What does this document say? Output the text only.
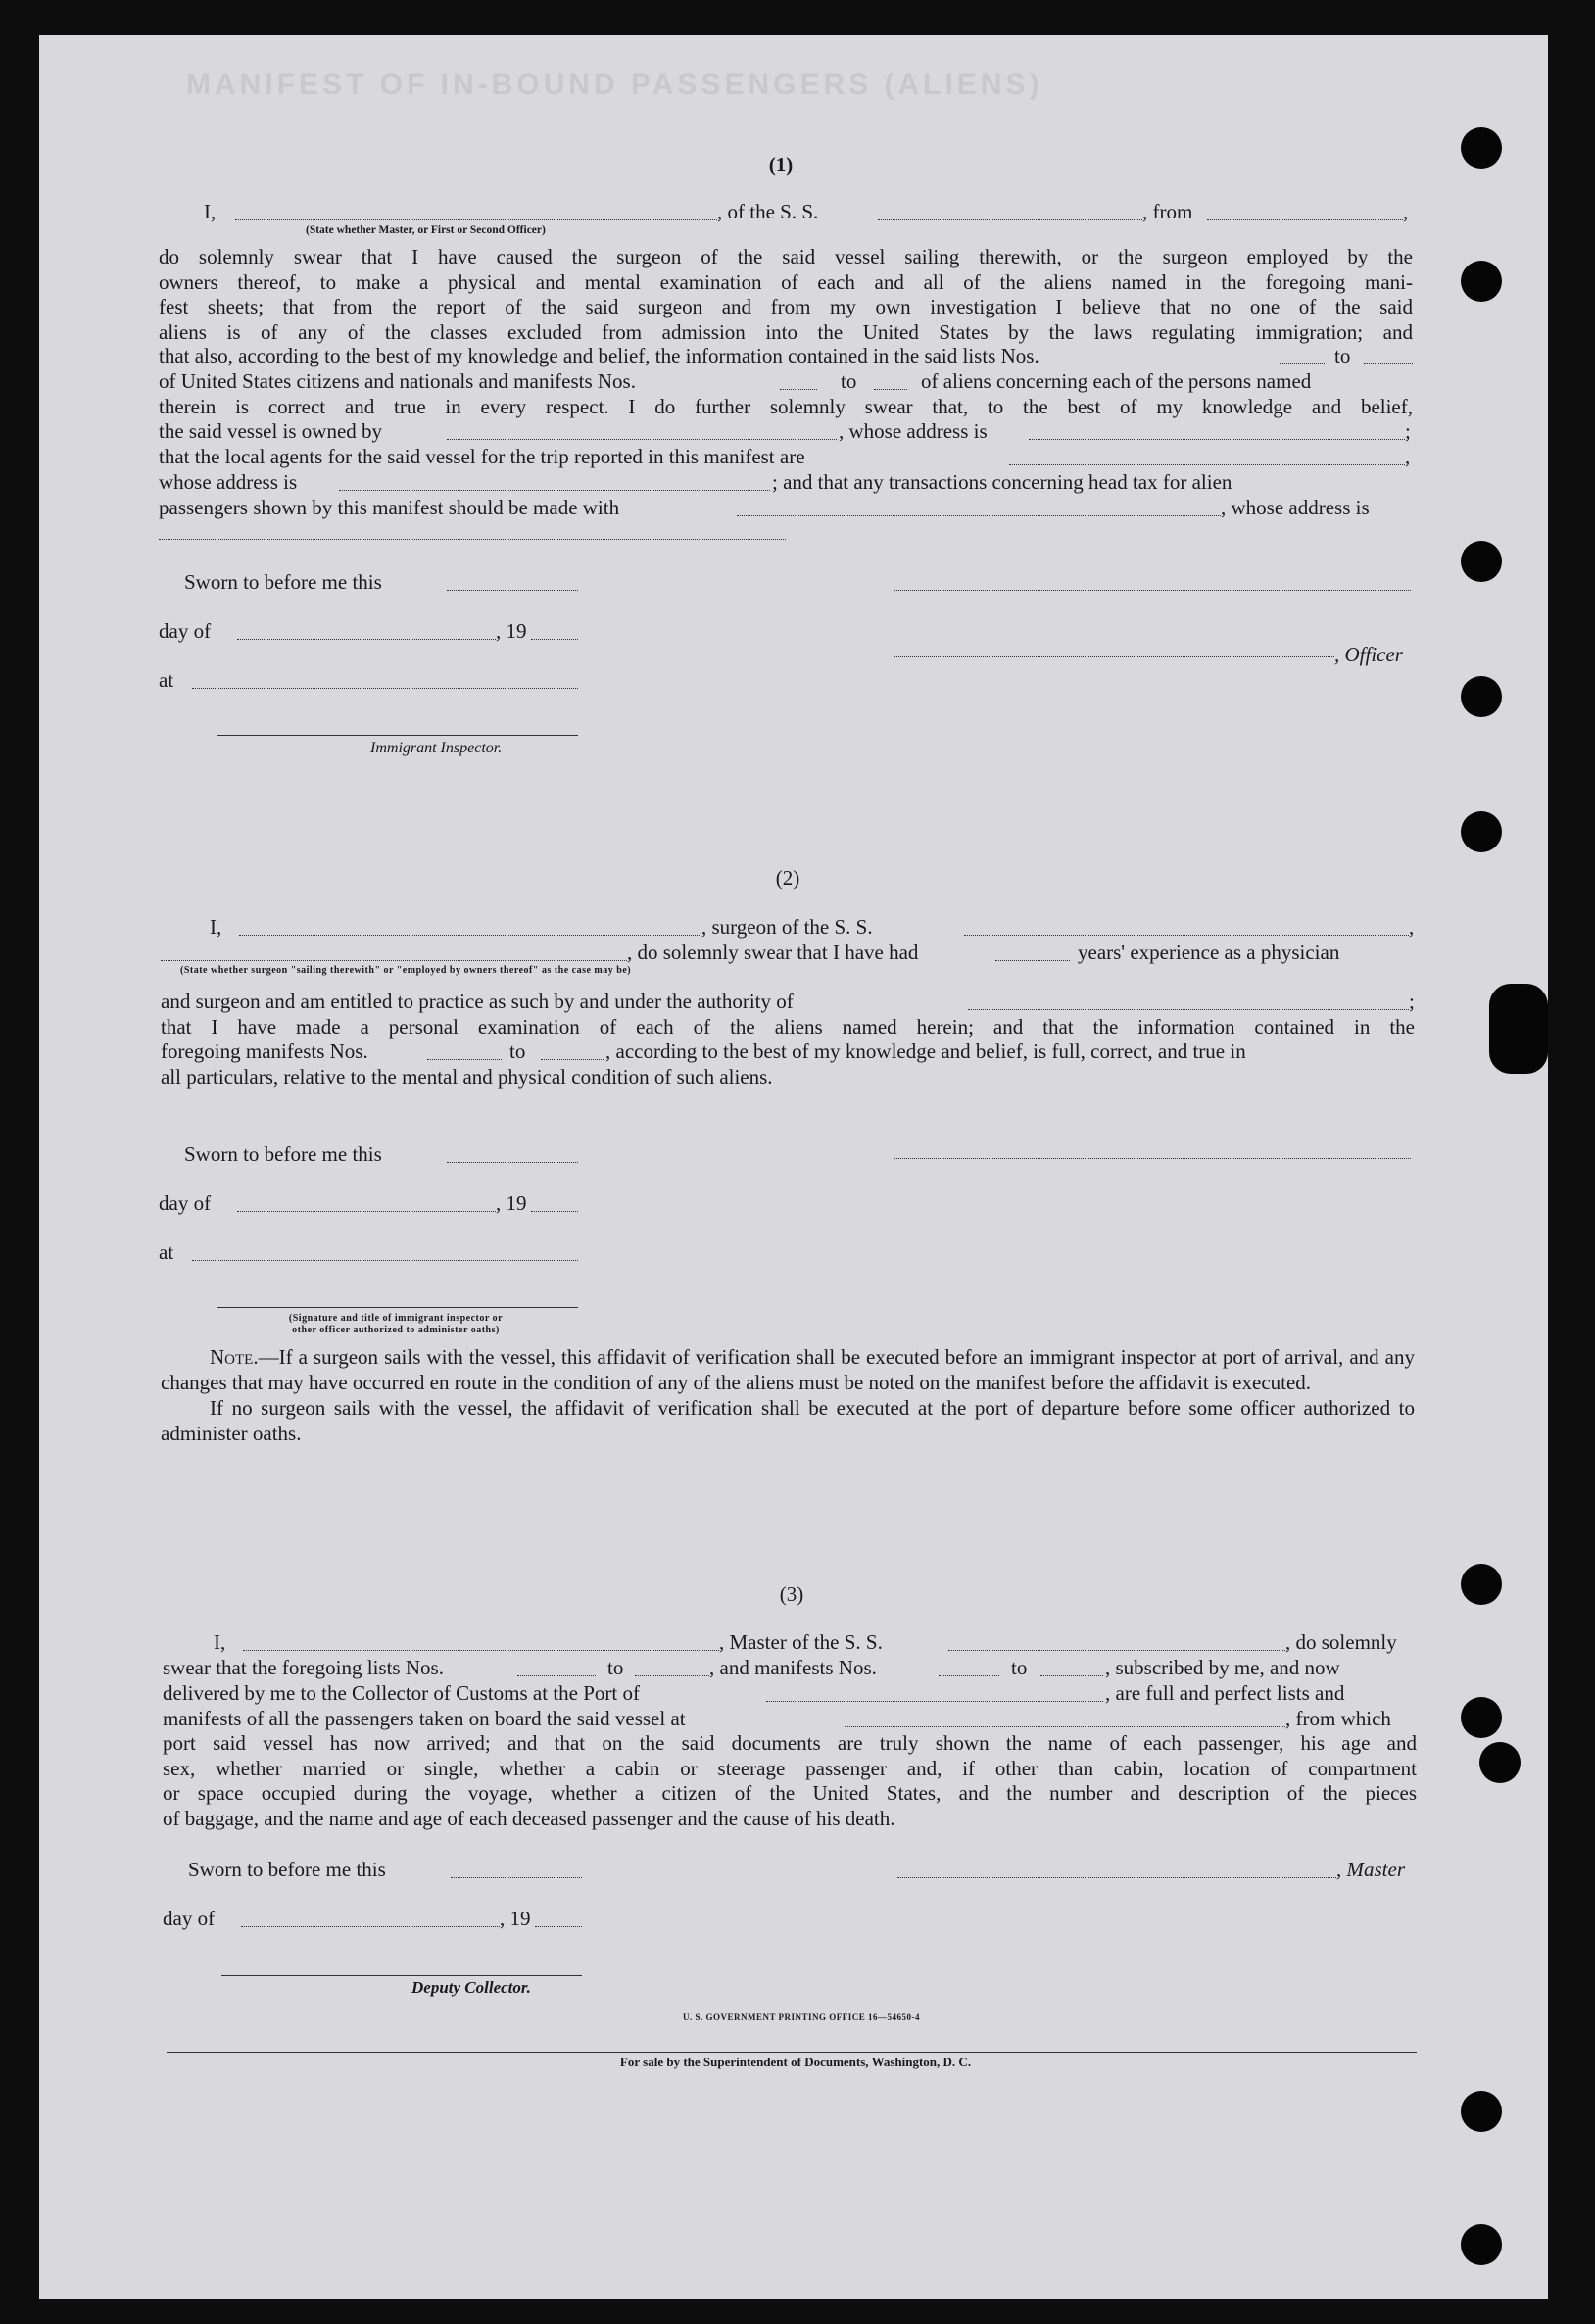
MANIFEST OF IN-BOUND PASSENGERS (ALIENS)
(1)
I,	, of the S. S.	, from	,
(State whether Master, or First or Second Officer)
do solemnly swear that I have caused the surgeon of the said vessel sailing therewith, or the surgeon employed by the
owners thereof, to make a physical and mental examination of each and all of the aliens named in the foregoing mani-
fest sheets; that from the report of the said surgeon and from my own investigation I believe that no one of the said
aliens is of any of the classes excluded from admission into the United States by the laws regulating immigration; and
that also, according to the best of my knowledge and belief, the information contained in the said lists Nos.	to
of United States citizens and nationals and manifests Nos.	to	of aliens concerning each of the persons named
therein is correct and true in every respect. I do further solemnly swear that, to the best of my knowledge and belief,
the said vessel is owned by	, whose address is	;
that the local agents for the said vessel for the trip reported in this manifest are	,
whose address is	; and that any transactions concerning head tax for alien
passengers shown by this manifest should be made with	, whose address is
Sworn to before me this
day of	, 19
, Officer
at
Immigrant Inspector.
(2)
I,	, surgeon of the S. S.	,
, do solemnly swear that I have had	years' experience as a physician
(State whether surgeon "sailing therewith" or "employed by owners thereof" as the case may be)
and surgeon and am entitled to practice as such by and under the authority of	;
that I have made a personal examination of each of the aliens named herein; and that the information contained in the
foregoing manifests Nos.	to	, according to the best of my knowledge and belief, is full, correct, and true in
all particulars, relative to the mental and physical condition of such aliens.
Sworn to before me this
day of	, 19
at
(Signature and title of immigrant inspector or
other officer authorized to administer oaths)
Note.—If a surgeon sails with the vessel, this affidavit of verification shall be executed before an immigrant inspector at port of arrival, and any changes that may have occurred en route in the condition of any of the aliens must be noted on the manifest before the affidavit is executed.
If no surgeon sails with the vessel, the affidavit of verification shall be executed at the port of departure before some officer authorized to administer oaths.
(3)
I,	, Master of the S. S.	, do solemnly
swear that the foregoing lists Nos.	to	, and manifests Nos.	to	, subscribed by me, and now
delivered by me to the Collector of Customs at the Port of	, are full and perfect lists and
manifests of all the passengers taken on board the said vessel at	, from which
port said vessel has now arrived; and that on the said documents are truly shown the name of each passenger, his age and
sex, whether married or single, whether a cabin or steerage passenger and, if other than cabin, location of compartment
or space occupied during the voyage, whether a citizen of the United States, and the number and description of the pieces
of baggage, and the name and age of each deceased passenger and the cause of his death.
Sworn to before me this	, Master
day of	, 19
Deputy Collector.
U. S. GOVERNMENT PRINTING OFFICE 16—54650-4
For sale by the Superintendent of Documents, Washington, D. C.
